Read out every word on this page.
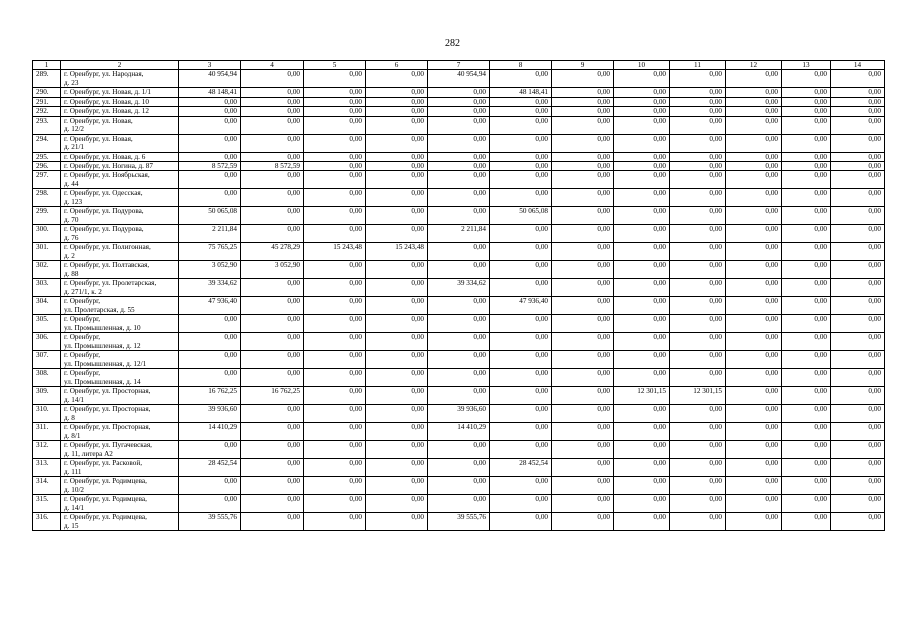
282
1	2	3	4	5	6	7	8	9	10	11	12	13	14
289.	г. Оренбург, ул. Народная,
д. 23	40 954,94	0,00	0,00	0,00	40 954,94	0,00	0,00	0,00	0,00	0,00	0,00	0,00
290.	г. Оренбург, ул. Новая, д. 1/1	48 148,41	0,00	0,00	0,00	0,00	48 148,41	0,00	0,00	0,00	0,00	0,00	0,00
291.	г. Оренбург, ул. Новая, д. 10	0,00	0,00	0,00	0,00	0,00	0,00	0,00	0,00	0,00	0,00	0,00	0,00
292.	г. Оренбург, ул. Новая, д. 12	0,00	0,00	0,00	0,00	0,00	0,00	0,00	0,00	0,00	0,00	0,00	0,00
293.	г. Оренбург, ул. Новая,
д. 12/2	0,00	0,00	0,00	0,00	0,00	0,00	0,00	0,00	0,00	0,00	0,00	0,00
294.	г. Оренбург, ул. Новая,
д. 21/1	0,00	0,00	0,00	0,00	0,00	0,00	0,00	0,00	0,00	0,00	0,00	0,00
295.	г. Оренбург, ул. Новая, д. 6	0,00	0,00	0,00	0,00	0,00	0,00	0,00	0,00	0,00	0,00	0,00	0,00
296.	г. Оренбург, ул. Ногина, д. 87	8 572,59	8 572,59	0,00	0,00	0,00	0,00	0,00	0,00	0,00	0,00	0,00	0,00
297.	г. Оренбург, ул. Ноябрьская,
д. 44	0,00	0,00	0,00	0,00	0,00	0,00	0,00	0,00	0,00	0,00	0,00	0,00
298.	г. Оренбург, ул. Одесская,
д. 123	0,00	0,00	0,00	0,00	0,00	0,00	0,00	0,00	0,00	0,00	0,00	0,00
299.	г. Оренбург, ул. Подурова,
д. 70	50 065,08	0,00	0,00	0,00	0,00	50 065,08	0,00	0,00	0,00	0,00	0,00	0,00
300.	г. Оренбург, ул. Подурова,
д. 76	2 211,84	0,00	0,00	0,00	2 211,84	0,00	0,00	0,00	0,00	0,00	0,00	0,00
301.	г. Оренбург, ул. Полигонная,
д. 2	75 765,25	45 278,29	15 243,48	15 243,48	0,00	0,00	0,00	0,00	0,00	0,00	0,00	0,00
302.	г. Оренбург, ул. Полтавская,
д. 88	3 052,90	3 052,90	0,00	0,00	0,00	0,00	0,00	0,00	0,00	0,00	0,00	0,00
303.	г. Оренбург, ул. Пролетарская,
д. 271/1, к. 2	39 334,62	0,00	0,00	0,00	39 334,62	0,00	0,00	0,00	0,00	0,00	0,00	0,00
304.	г. Оренбург,
ул. Пролетарская, д. 55	47 936,40	0,00	0,00	0,00	0,00	47 936,40	0,00	0,00	0,00	0,00	0,00	0,00
305.	г. Оренбург,
ул. Промышленная, д. 10	0,00	0,00	0,00	0,00	0,00	0,00	0,00	0,00	0,00	0,00	0,00	0,00
306.	г. Оренбург,
ул. Промышленная, д. 12	0,00	0,00	0,00	0,00	0,00	0,00	0,00	0,00	0,00	0,00	0,00	0,00
307.	г. Оренбург,
ул. Промышленная, д. 12/1	0,00	0,00	0,00	0,00	0,00	0,00	0,00	0,00	0,00	0,00	0,00	0,00
308.	г. Оренбург,
ул. Промышленная, д. 14	0,00	0,00	0,00	0,00	0,00	0,00	0,00	0,00	0,00	0,00	0,00	0,00
309.	г. Оренбург, ул. Просторная,
д. 14/1	16 762,25	16 762,25	0,00	0,00	0,00	0,00	0,00	12 301,15	12 301,15	0,00	0,00	0,00
310.	г. Оренбург, ул. Просторная,
д. 8	39 936,60	0,00	0,00	0,00	39 936,60	0,00	0,00	0,00	0,00	0,00	0,00	0,00
311.	г. Оренбург, ул. Просторная,
д. 8/1	14 410,29	0,00	0,00	0,00	14 410,29	0,00	0,00	0,00	0,00	0,00	0,00	0,00
312.	г. Оренбург, ул. Пугачевская,
д. 11, литера А2	0,00	0,00	0,00	0,00	0,00	0,00	0,00	0,00	0,00	0,00	0,00	0,00
313.	г. Оренбург, ул. Расковой,
д. 111	28 452,54	0,00	0,00	0,00	0,00	28 452,54	0,00	0,00	0,00	0,00	0,00	0,00
314.	г. Оренбург, ул. Родимцева,
д. 10/2	0,00	0,00	0,00	0,00	0,00	0,00	0,00	0,00	0,00	0,00	0,00	0,00
315.	г. Оренбург, ул. Родимцева,
д. 14/1	0,00	0,00	0,00	0,00	0,00	0,00	0,00	0,00	0,00	0,00	0,00	0,00
316.	г. Оренбург, ул. Родимцева,
д. 15	39 555,76	0,00	0,00	0,00	39 555,76	0,00	0,00	0,00	0,00	0,00	0,00	0,00
